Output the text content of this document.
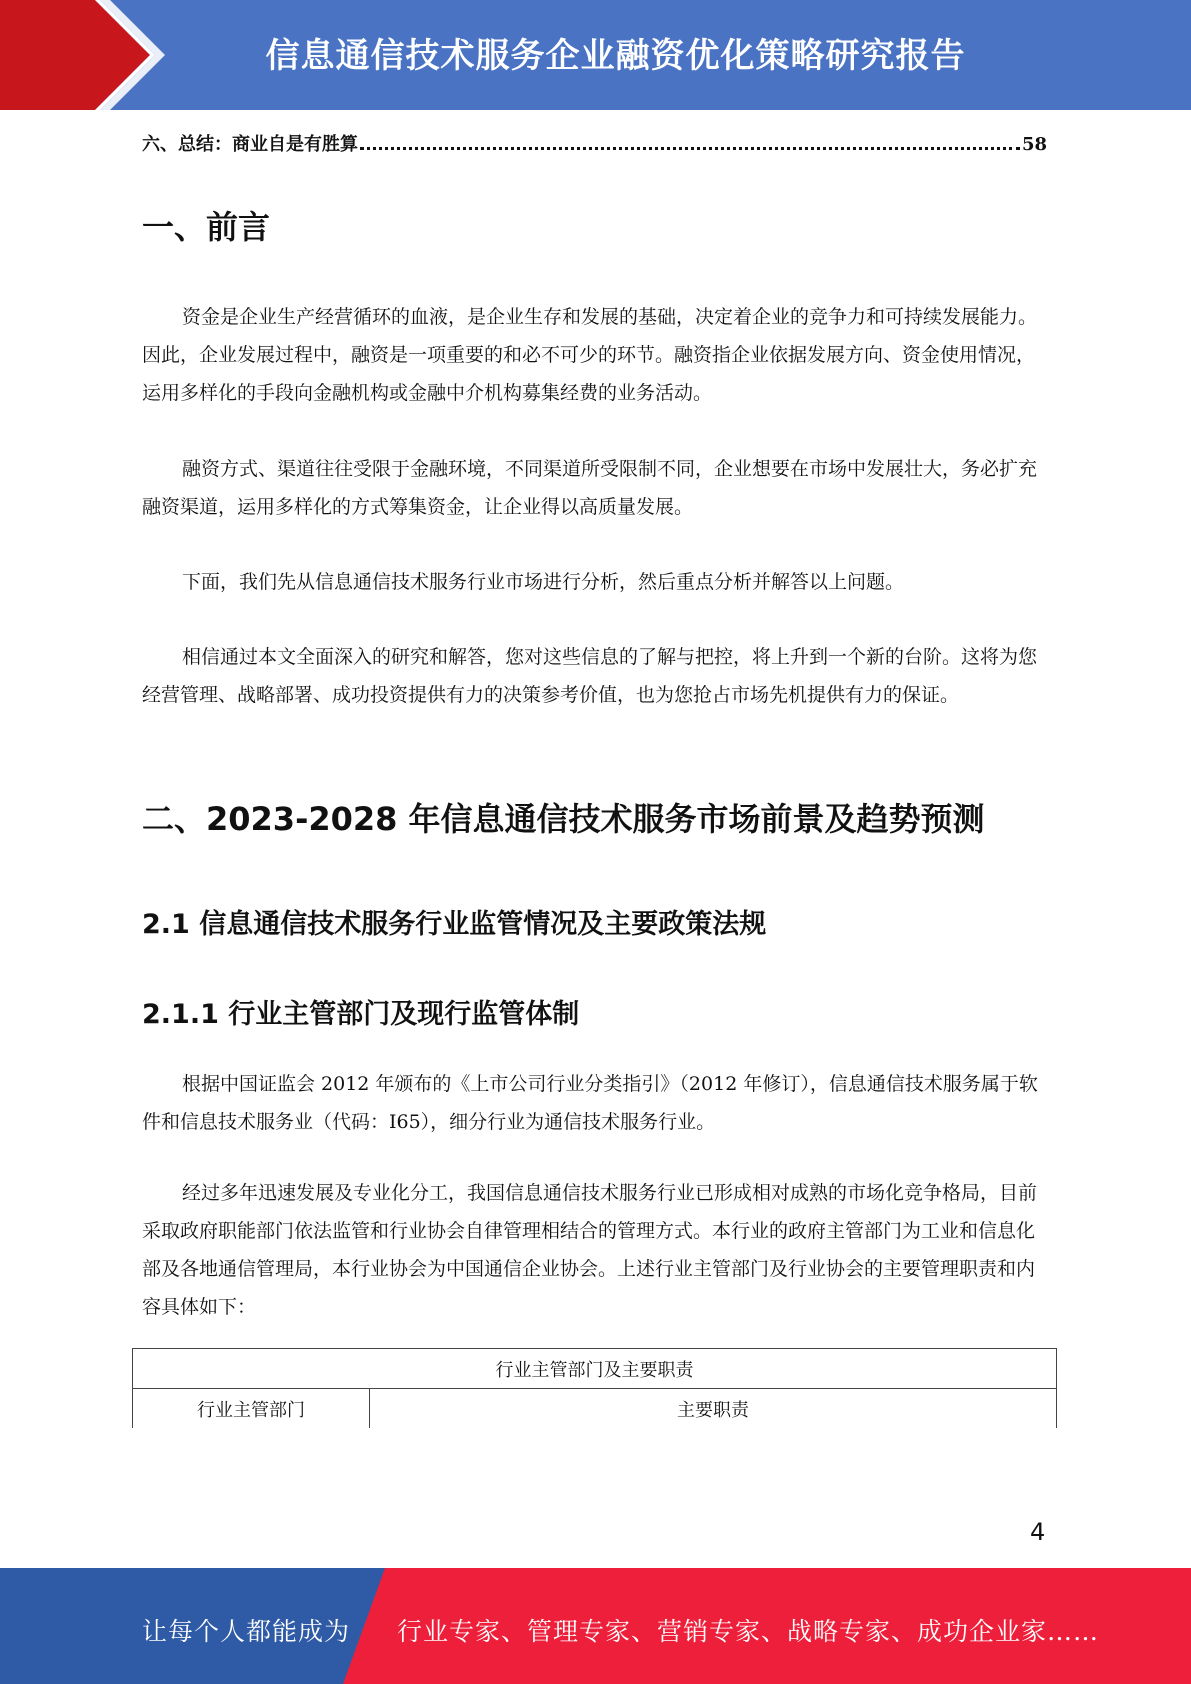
信息通信技术服务企业融资优化策略研究报告
六、总结：商业自是有胜算	58
一、前言

资金是企业生产经营循环的血液，是企业生存和发展的基础，决定着企业的竞争力和可持续发展能力。因此，企业发展过程中，融资是一项重要的和必不可少的环节。融资指企业依据发展方向、资金使用情况，运用多样化的手段向金融机构或金融中介机构募集经费的业务活动。

融资方式、渠道往往受限于金融环境，不同渠道所受限制不同，企业想要在市场中发展壮大，务必扩充融资渠道，运用多样化的方式筹集资金，让企业得以高质量发展。

下面，我们先从信息通信技术服务行业市场进行分析，然后重点分析并解答以上问题。

相信通过本文全面深入的研究和解答，您对这些信息的了解与把控，将上升到一个新的台阶。这将为您经营管理、战略部署、成功投资提供有力的决策参考价值，也为您抢占市场先机提供有力的保证。

二、2023-2028 年信息通信技术服务市场前景及趋势预测
2.1 信息通信技术服务行业监管情况及主要政策法规
2.1.1 行业主管部门及现行监管体制

根据中国证监会 2012 年颁布的《上市公司行业分类指引》（2012 年修订），信息通信技术服务属于软件和信息技术服务业（代码：I65），细分行业为通信技术服务行业。

经过多年迅速发展及专业化分工，我国信息通信技术服务行业已形成相对成熟的市场化竞争格局，目前采取政府职能部门依法监管和行业协会自律管理相结合的管理方式。本行业的政府主管部门为工业和信息化部及各地通信管理局，本行业协会为中国通信企业协会。上述行业主管部门及行业协会的主要管理职责和内容具体如下：

行业主管部门及主要职责
行业主管部门	主要职责
4
让每个人都能成为 行业专家、管理专家、营销专家、战略专家、成功企业家……
